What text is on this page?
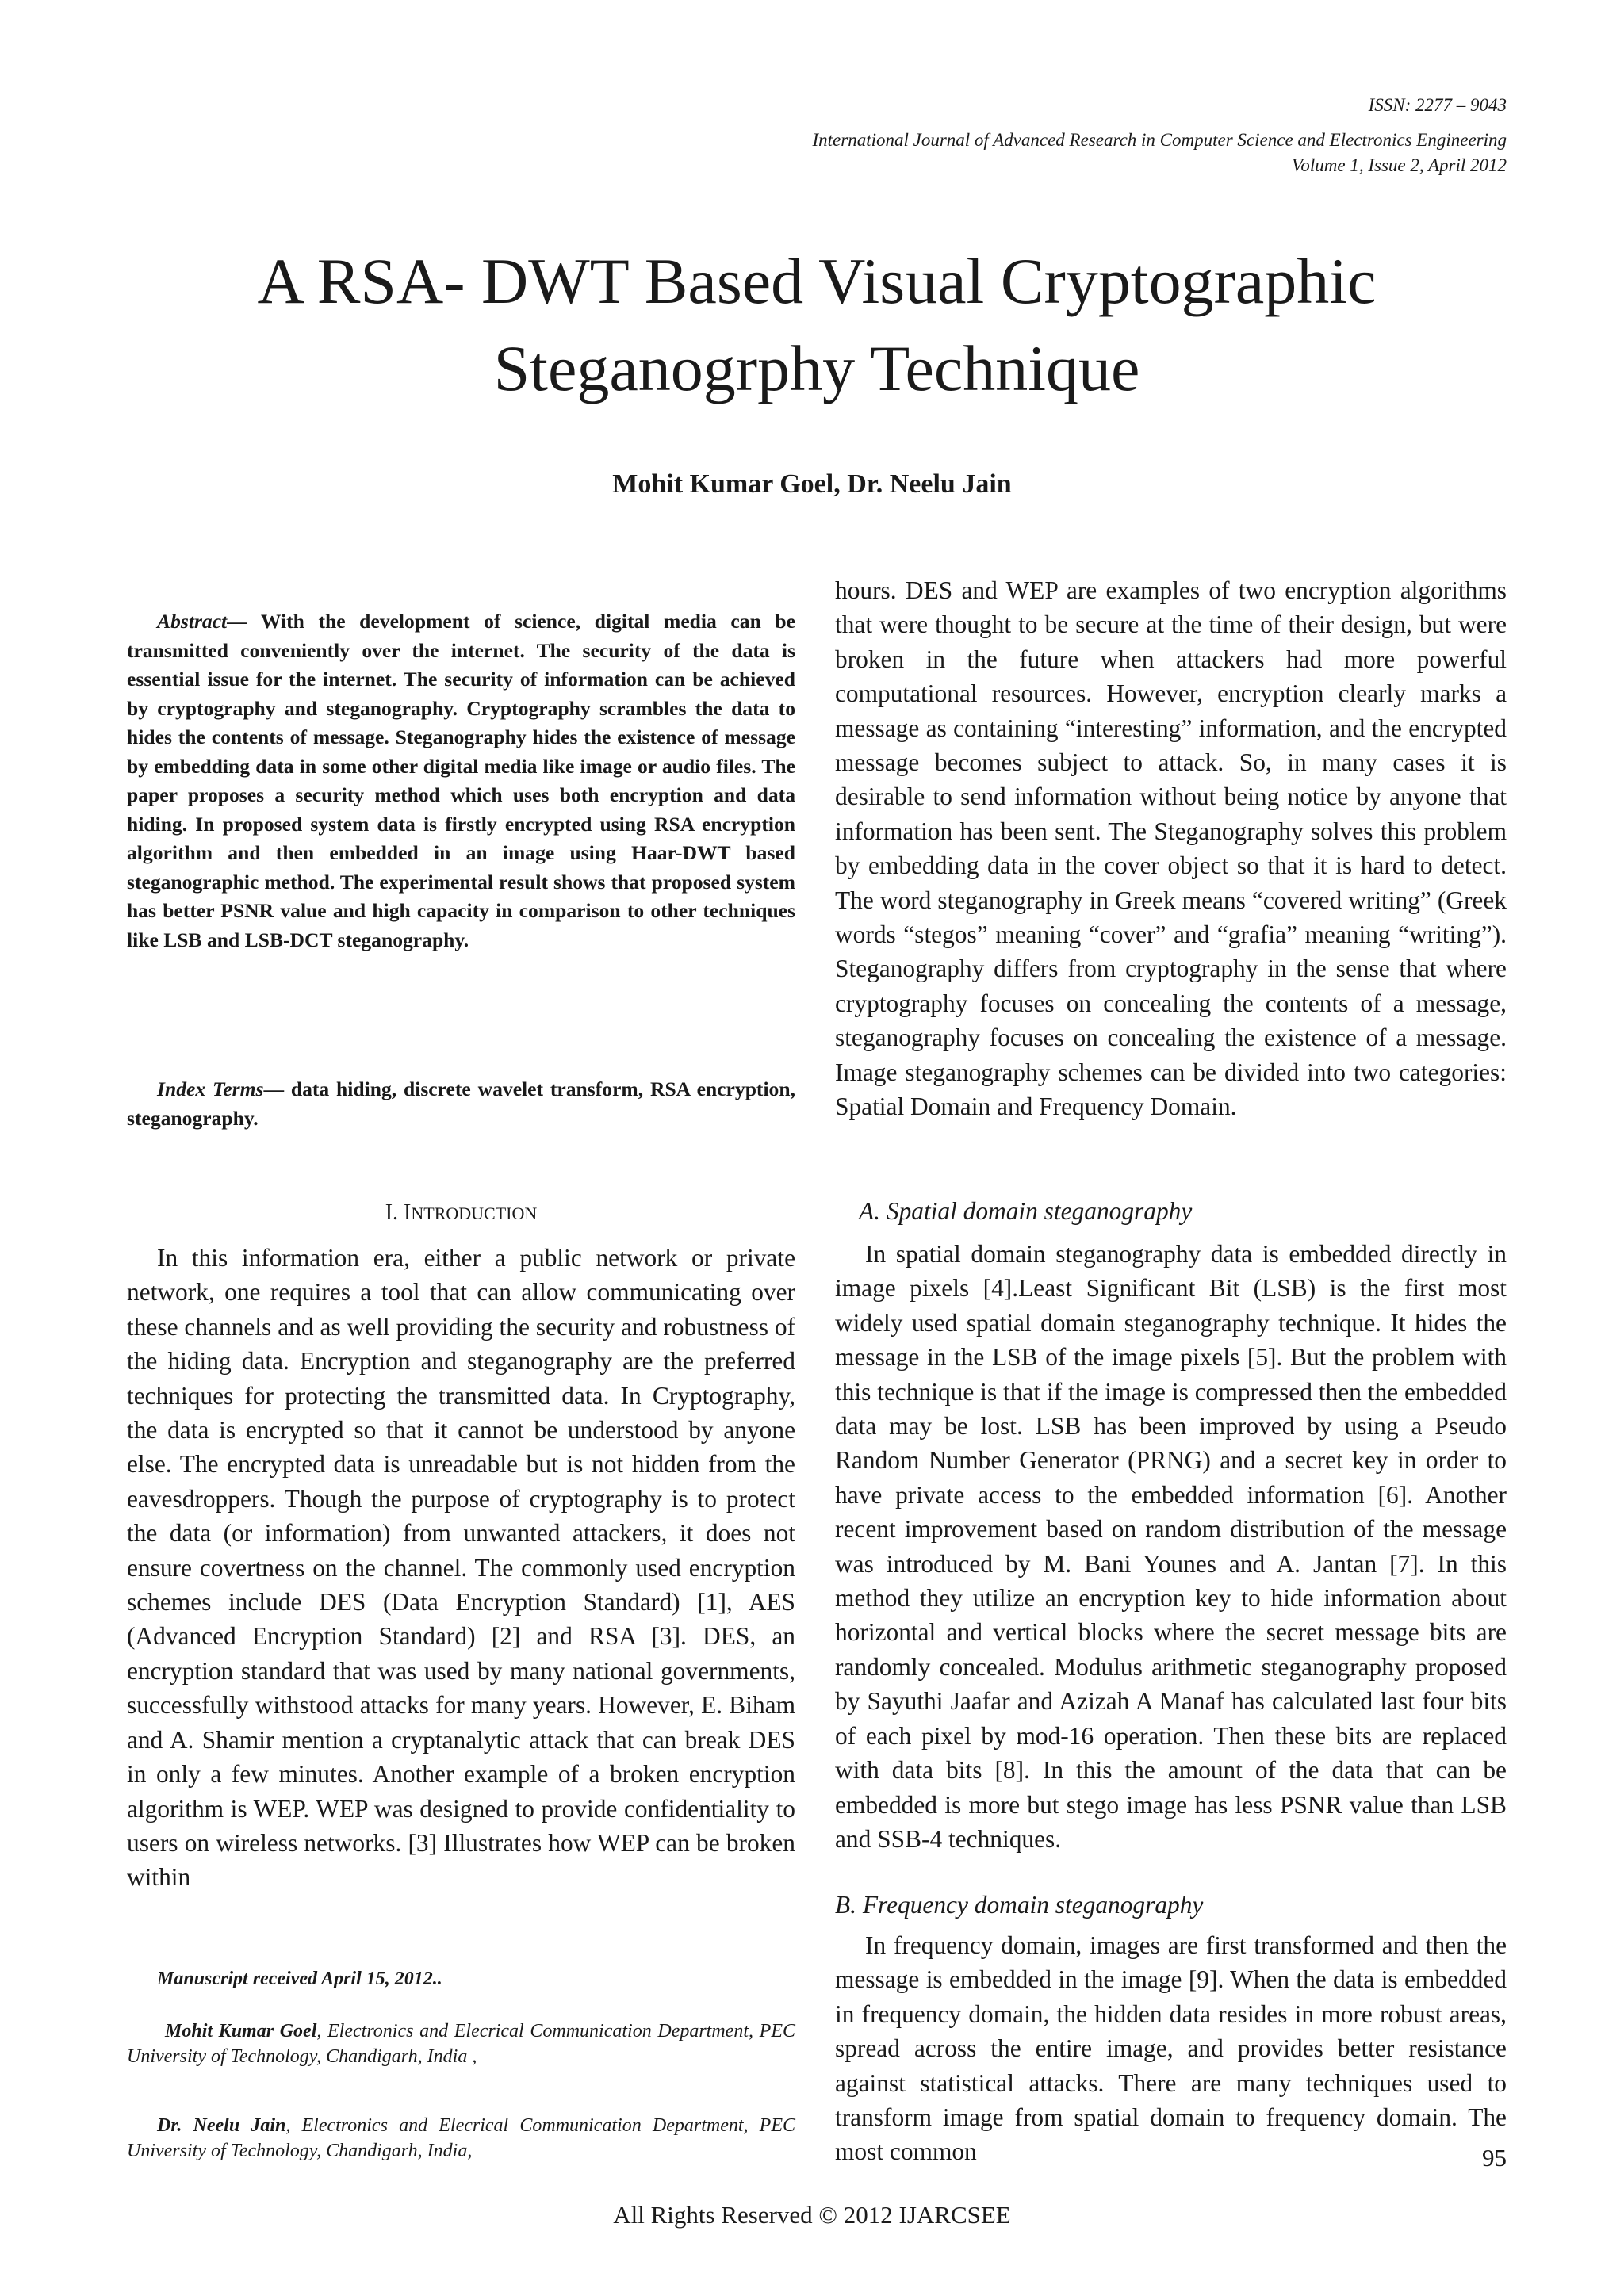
ISSN: 2277 – 9043
International Journal of Advanced Research in Computer Science and Electronics Engineering
Volume 1, Issue 2, April 2012
A RSA- DWT Based Visual Cryptographic
Steganogrphy Technique
Mohit Kumar Goel, Dr. Neelu Jain

Abstract— With the development of science, digital media can be transmitted conveniently over the internet. The security of the data is essential issue for the internet. The security of information can be achieved by cryptography and steganography. Cryptography scrambles the data to hides the contents of message. Steganography hides the existence of message by embedding data in some other digital media like image or audio files. The paper proposes a security method which uses both encryption and data hiding. In proposed system data is firstly encrypted using RSA encryption algorithm and then embedded in an image using Haar-DWT based steganographic method. The experimental result shows that proposed system has better PSNR value and high capacity in comparison to other techniques like LSB and LSB-DCT steganography.

Index Terms— data hiding, discrete wavelet transform, RSA encryption, steganography.

I. INTRODUCTION

In this information era, either a public network or private network, one requires a tool that can allow communicating over these channels and as well providing the security and robustness of the hiding data. Encryption and steganography are the preferred techniques for protecting the transmitted data. In Cryptography, the data is encrypted so that it cannot be understood by anyone else. The encrypted data is unreadable but is not hidden from the eavesdroppers. Though the purpose of cryptography is to protect the data (or information) from unwanted attackers, it does not ensure covertness on the channel. The commonly used encryption schemes include DES (Data Encryption Standard) [1], AES (Advanced Encryption Standard) [2] and RSA [3]. DES, an encryption standard that was used by many national governments, successfully withstood attacks for many years. However, E. Biham and A. Shamir mention a cryptanalytic attack that can break DES in only a few minutes. Another example of a broken encryption algorithm is WEP. WEP was designed to provide confidentiality to users on wireless networks. [3] Illustrates how WEP can be broken within

Manuscript received April 15, 2012..

Mohit Kumar Goel, Electronics and Elecrical Communication Department, PEC University of Technology, Chandigarh, India ,

Dr. Neelu Jain, Electronics and Elecrical Communication Department, PEC University of Technology, Chandigarh, India,

hours. DES and WEP are examples of two encryption algorithms that were thought to be secure at the time of their design, but were broken in the future when attackers had more powerful computational resources. However, encryption clearly marks a message as containing “interesting” information, and the encrypted message becomes subject to attack. So, in many cases it is desirable to send information without being notice by anyone that information has been sent. The Steganography solves this problem by embedding data in the cover object so that it is hard to detect. The word steganography in Greek means “covered writing” (Greek words “stegos” meaning “cover” and “grafia” meaning “writing”). Steganography differs from cryptography in the sense that where cryptography focuses on concealing the contents of a message, steganography focuses on concealing the existence of a message. Image steganography schemes can be divided into two categories: Spatial Domain and Frequency Domain.

A. Spatial domain steganography

In spatial domain steganography data is embedded directly in image pixels [4].Least Significant Bit (LSB) is the first most widely used spatial domain steganography technique. It hides the message in the LSB of the image pixels [5]. But the problem with this technique is that if the image is compressed then the embedded data may be lost. LSB has been improved by using a Pseudo Random Number Generator (PRNG) and a secret key in order to have private access to the embedded information [6]. Another recent improvement based on random distribution of the message was introduced by M. Bani Younes and A. Jantan [7]. In this method they utilize an encryption key to hide information about horizontal and vertical blocks where the secret message bits are randomly concealed. Modulus arithmetic steganography proposed by Sayuthi Jaafar and Azizah A Manaf has calculated last four bits of each pixel by mod-16 operation. Then these bits are replaced with data bits [8]. In this the amount of the data that can be embedded is more but stego image has less PSNR value than LSB and SSB-4 techniques.

B. Frequency domain steganography

In frequency domain, images are first transformed and then the message is embedded in the image [9]. When the data is embedded in frequency domain, the hidden data resides in more robust areas, spread across the entire image, and provides better resistance against statistical attacks. There are many techniques used to transform image from spatial domain to frequency domain. The most common	95
All Rights Reserved © 2012 IJARCSEE
